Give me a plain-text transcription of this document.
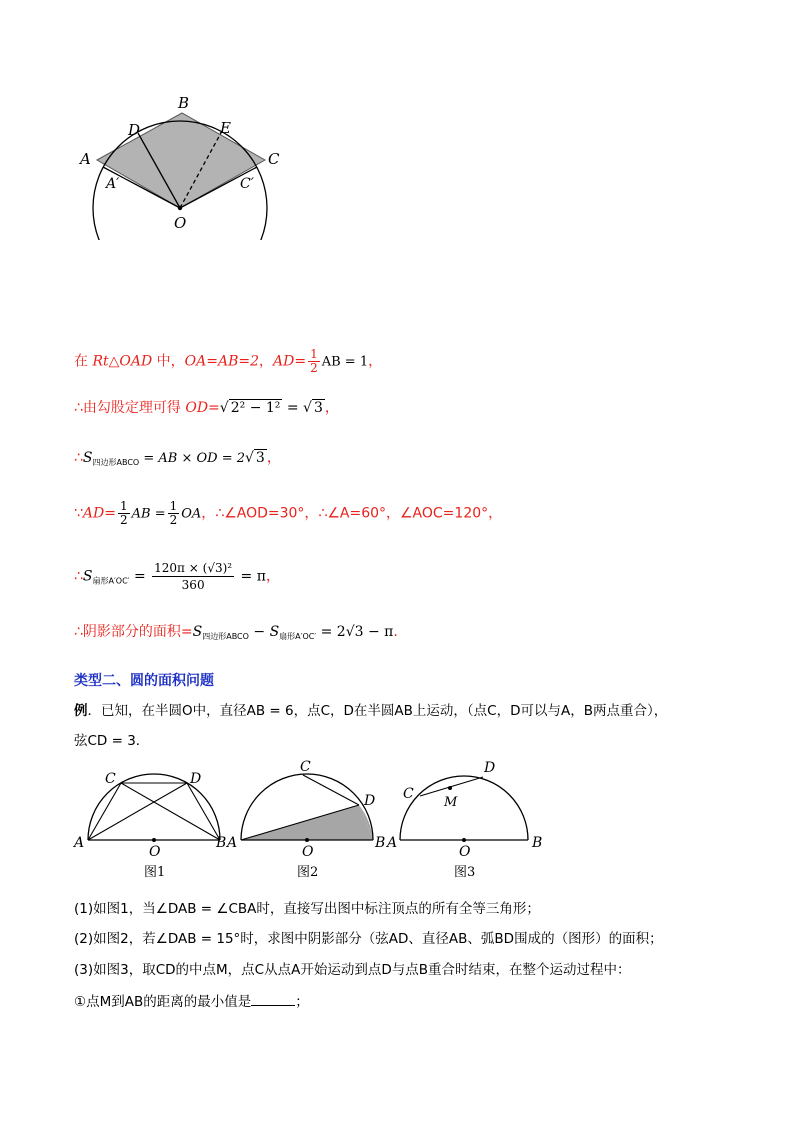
B
D	E
A	C
A′	C′
O
在 Rt△OAD 中，OA=AB=2，$AD= \frac{1}{2}$ AB = 1，
∴由勾股定理可得 OD=√ 2² − 1² = √ 3 ，
$\therefore S_{四边形ABCO}$ = AB × OD = 2√ 3 ，
∵AD= $\frac{1}{2}$ AB = $\frac{1}{2}$ OA，∴∠AOD=30°，∴∠A=60°，∠AOC=120°，
$\therefore S_{扇形A'OC'} = \frac{\text{120π × (√3)²}}{360} = \pi$，
∴阴影部分的面积$=S_{四边形ABCO} - S_{扇形A'OC'} = 2√3 - \pi$.
类型二、圆的面积问题
例．已知，在半圆O中，直径AB = 6，点C，D在半圆AB上运动，（点C，D可以与A，B两点重合），
弦CD = 3．
C	D
A	B
O
图1
C
D
A	B
O
图2
C
D
M
A	B
O
图3
(1)如图1，当∠DAB = ∠CBA时，直接写出图中标注顶点的所有全等三角形；
(2)如图2，若∠DAB = 15°时，求图中阴影部分（弦AD、直径AB、弧BD围成的（图形）的面积；
(3)如图3，取CD的中点M，点C从点A开始运动到点D与点B重合时结束，在整个运动过程中：
①点M到AB的距离的最小值是	；
